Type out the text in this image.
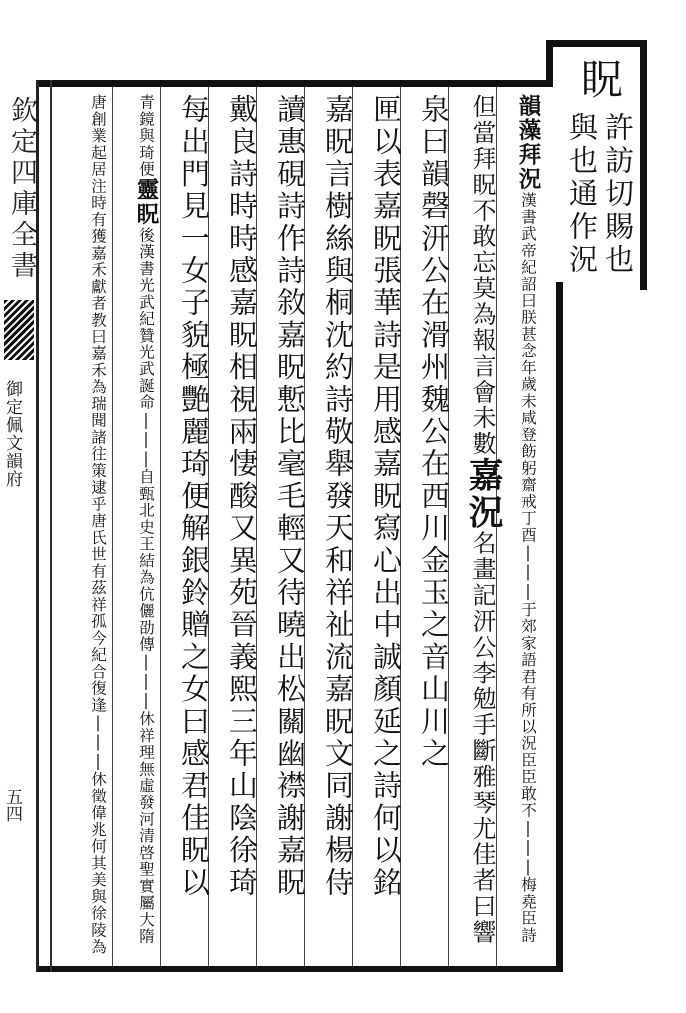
眖
許訪切賜也
與也通作況
欽定四庫全書
御定佩文韻府
五四
韻藻拜況漢書武帝紀詔曰朕甚念年歲未咸登飭躬齋戒丁酉|||于郊家語君有所以況臣臣敢不|||梅堯臣詩
但當拜眖不敢忘莫為報言會未數嘉況名畫記汧公李勉手斷雅琴尤佳者曰響
泉曰韻磬汧公在滑州魏公在西川金玉之音山川之
匣以表嘉眖張華詩是用感嘉眖寫心出中誠顏延之詩何以銘
嘉眖言樹絲與桐沈約詩敬舉發天和祥祉流嘉眖文同謝楊侍
讀惠硯詩作詩敘嘉眖慙比毫毛輕又待曉出松關幽襟謝嘉眖
戴良詩時時感嘉眖相視兩悽酸又異苑晉義熙三年山陰徐琦
每出門見一女子貌極艷麗琦便解銀鈴贈之女曰感君佳眖以
青鏡與琦便靈眖後漢書光武紀贊光武誕命|||自甄北史王結為伉儷劭傳|||休祥理無虛發河清啓聖實屬大隋
唐創業起居注時有獲嘉禾獻者教曰嘉禾為瑞聞諸往策逮乎唐氏世有茲祥孤今紀合復逢|||休徵偉兆何其美與徐陵為
